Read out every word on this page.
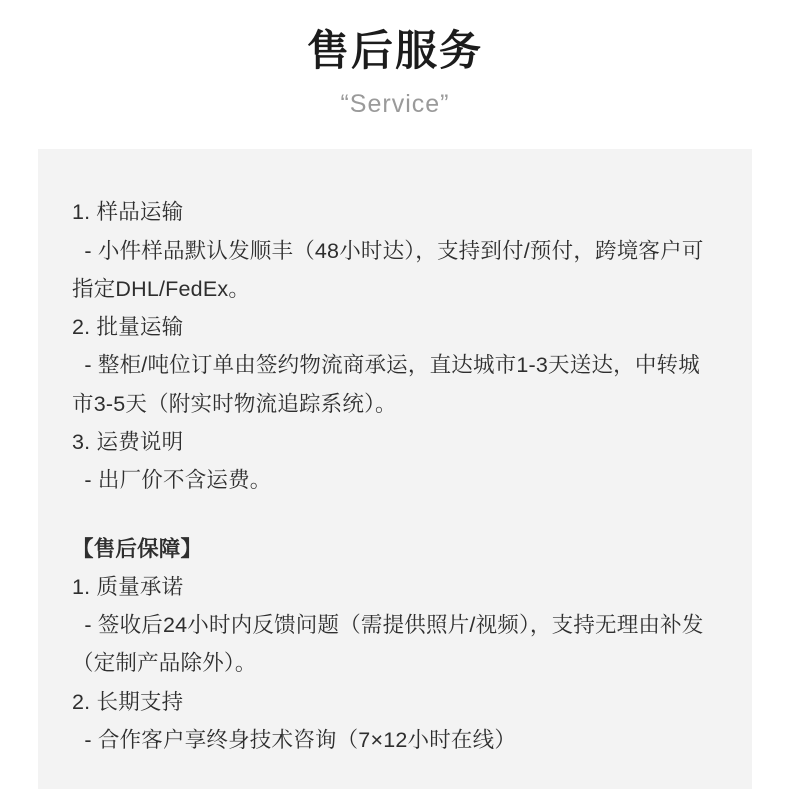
售后服务
“Service”
1. 样品运输
- 小件样品默认发顺丰（48小时达），支持到付/预付，跨境客户可指定DHL/FedEx。
2. 批量运输
- 整柜/吨位订单由签约物流商承运，直达城市1-3天送达，中转城市3-5天（附实时物流追踪系统）。
3. 运费说明
- 出厂价不含运费。
【售后保障】
1. 质量承诺
- 签收后24小时内反馈问题（需提供照片/视频），支持无理由补发（定制产品除外）。
2. 长期支持
- 合作客户享终身技术咨询（7×12小时在线）
